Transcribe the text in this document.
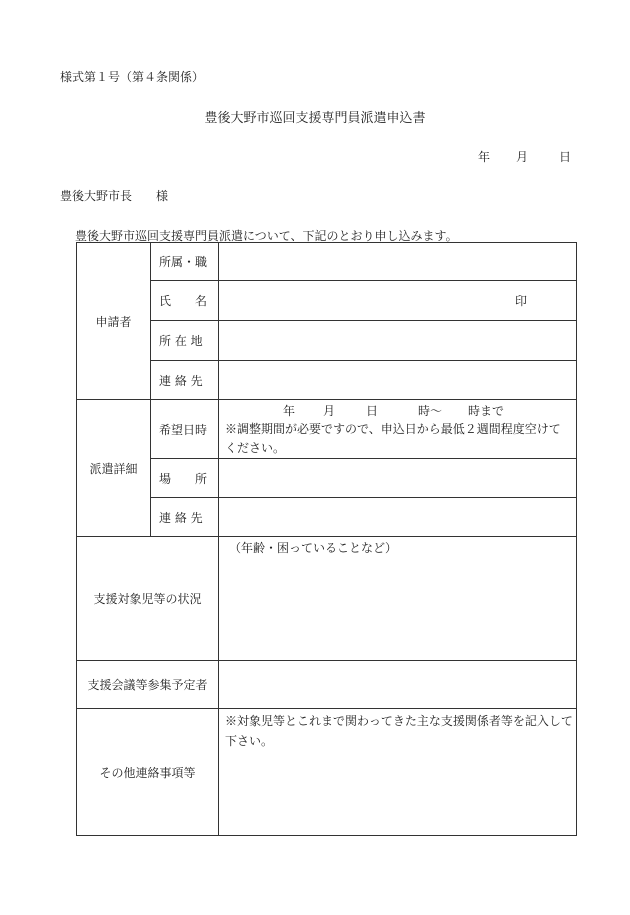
様式第１号（第４条関係）
豊後大野市巡回支援専門員派遣申込書
年 月	日
豊後大野市長　　様
豊後大野市巡回支援専門員派遣について、下記のとおり申し込みます。
申請者	所属・職	
	氏　　名	印

	所 在 地	
	連 絡 先	
派遣詳細	希望日時	年 月 日 時～ 時まで
※調整期間が必要ですので、申込日から最低２週間程度空けてください。

	場　　所	
	連 絡 先	
支援対象児等の状況		（年齢・困っていることなど）

支援会議等参集予定者		
その他連絡事項等		※対象児等とこれまで関わってきた主な支援関係者等を記入して下さい。
